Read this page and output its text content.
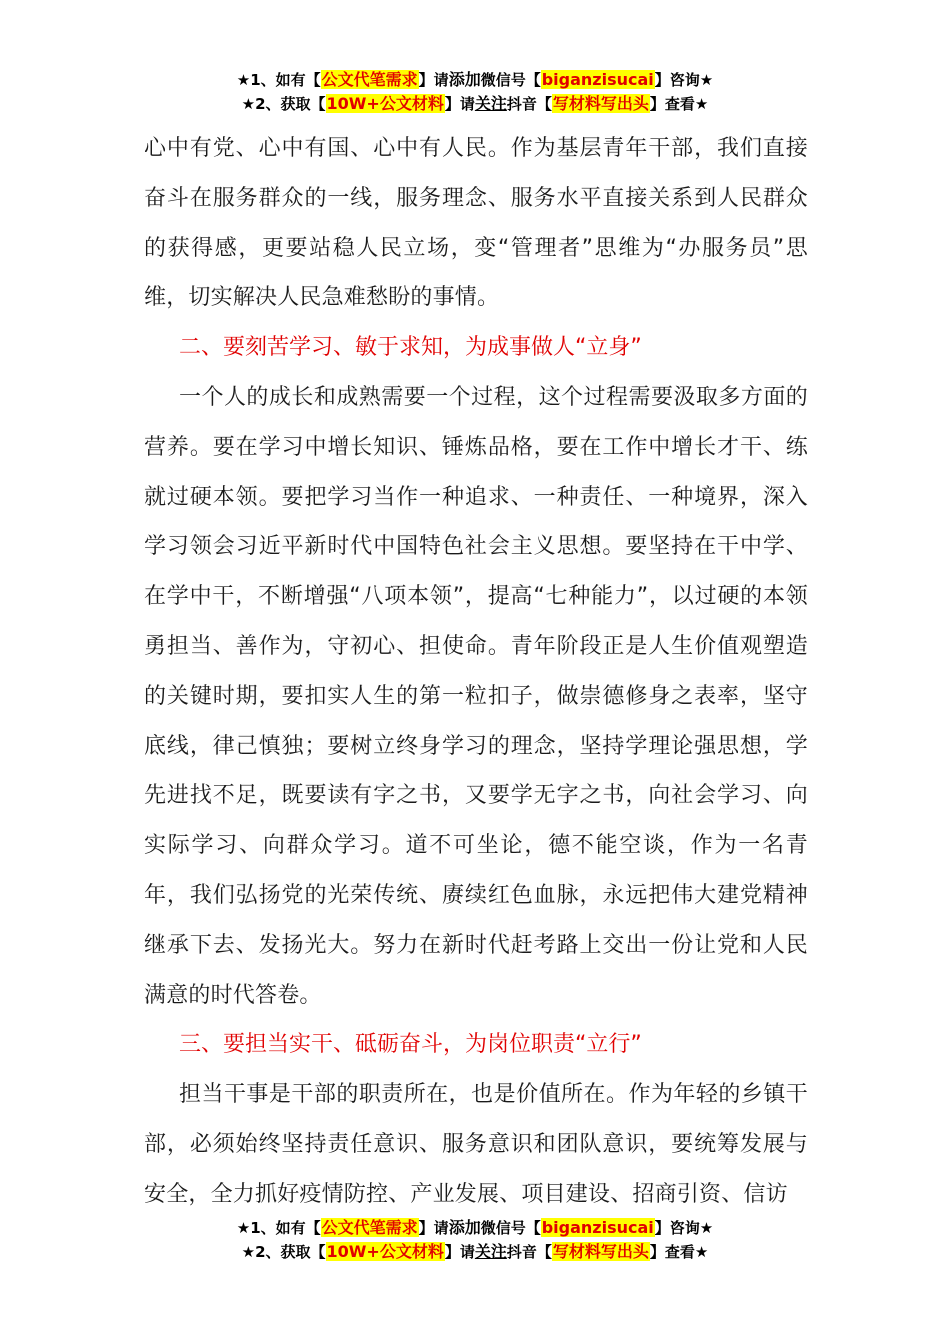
★1、如有【公文代笔需求】请添加微信号【biganzisucai】咨询★
★2、获取【10W+公文材料】请关注抖音【写材料写出头】查看★

心中有党、心中有国、心中有人民。作为基层青年干部，我们直接奋斗在服务群众的一线，服务理念、服务水平直接关系到人民群众的获得感，更要站稳人民立场，变“管理者”思维为“办服务员”思维，切实解决人民急难愁盼的事情。

二、要刻苦学习、敏于求知，为成事做人“立身”

一个人的成长和成熟需要一个过程，这个过程需要汲取多方面的营养。要在学习中增长知识、锤炼品格，要在工作中增长才干、练就过硬本领。要把学习当作一种追求、一种责任、一种境界，深入学习领会习近平新时代中国特色社会主义思想。要坚持在干中学、在学中干，不断增强“八项本领”，提高“七种能力”，以过硬的本领勇担当、善作为，守初心、担使命。青年阶段正是人生价值观塑造的关键时期，要扣实人生的第一粒扣子，做崇德修身之表率，坚守底线，律己慎独；要树立终身学习的理念，坚持学理论强思想，学先进找不足，既要读有字之书，又要学无字之书，向社会学习、向实际学习、向群众学习。道不可坐论，德不能空谈，作为一名青年，我们弘扬党的光荣传统、赓续红色血脉，永远把伟大建党精神继承下去、发扬光大。努力在新时代赶考路上交出一份让党和人民满意的时代答卷。

三、要担当实干、砥砺奋斗，为岗位职责“立行”

担当干事是干部的职责所在，也是价值所在。作为年轻的乡镇干部，必须始终坚持责任意识、服务意识和团队意识，要统筹发展与安全，全力抓好疫情防控、产业发展、项目建设、招商引资、信访

★1、如有【公文代笔需求】请添加微信号【biganzisucai】咨询★
★2、获取【10W+公文材料】请关注抖音【写材料写出头】查看★
